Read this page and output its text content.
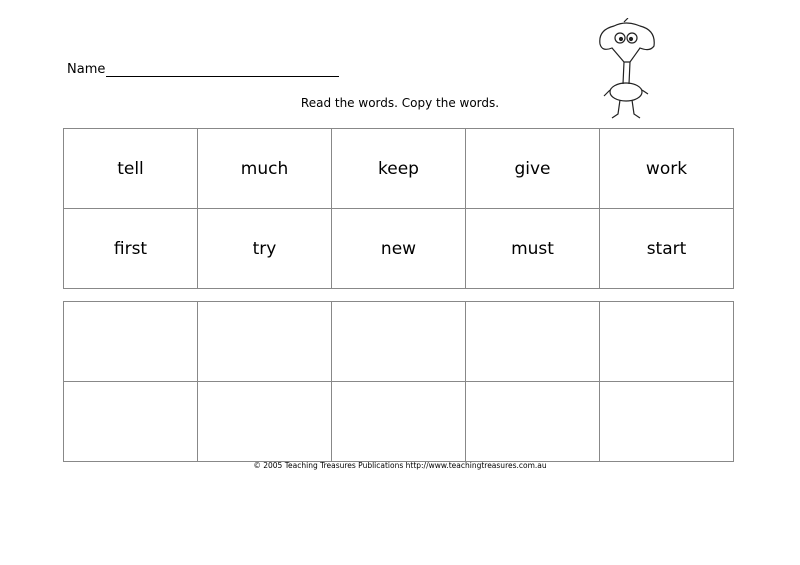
Name
Read the words. Copy the words.
tell	much	keep	give	work
first	try	new	must	start

© 2005 Teaching Treasures Publications http://www.teachingtreasures.com.au
